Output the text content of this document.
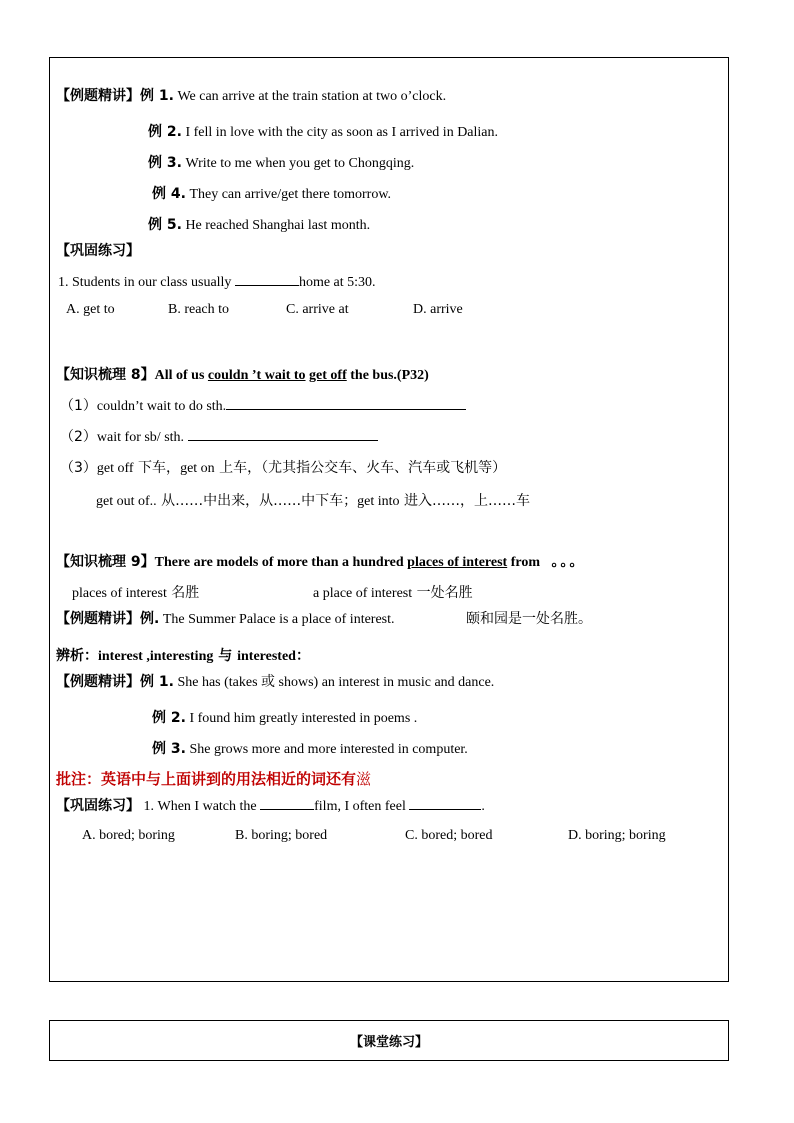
【例题精讲】例 1. We can arrive at the train station at two o’clock.
例 2. I fell in love with the city as soon as I arrived in Dalian.
例 3. Write to me when you get to Chongqing.
例 4. They can arrive/get there tomorrow.
例 5. He reached Shanghai last month.
【巩固练习】
1. Students in our class usually	home at 5:30.
A. get to	B. reach to	C. arrive at	D. arrive
【知识梳理 8】All of us couldn ’t wait to get off the bus.(P32)
（1）couldn’t wait to do sth.
（2）wait for sb/ sth.
（3）get off 下车，get on 上车，（尤其指公交车、火车、汽车或飞机等）
get out of.. 从……中出来，从……中下车；get into 进入……，上……车
【知识梳理 9】There are models of more than a hundred places of interest from 。。。
places of interest 名胜	a place of interest 一处名胜
【例题精讲】例. The Summer Palace is a place of interest.	颐和园是一处名胜。
辨析：interest ,interesting 与 interested：
【例题精讲】例 1. She has (takes 或 shows) an interest in music and dance.
例 2. I found him greatly interested in poems .
例 3. She grows more and more interested in computer.
批注：英语中与上面讲到的用法相近的词还有滋
【巩固练习】 1. When I watch the	film, I often feel	.
A. bored; boring	B. boring; bored	C. bored; bored	D. boring; boring
【课堂练习】
